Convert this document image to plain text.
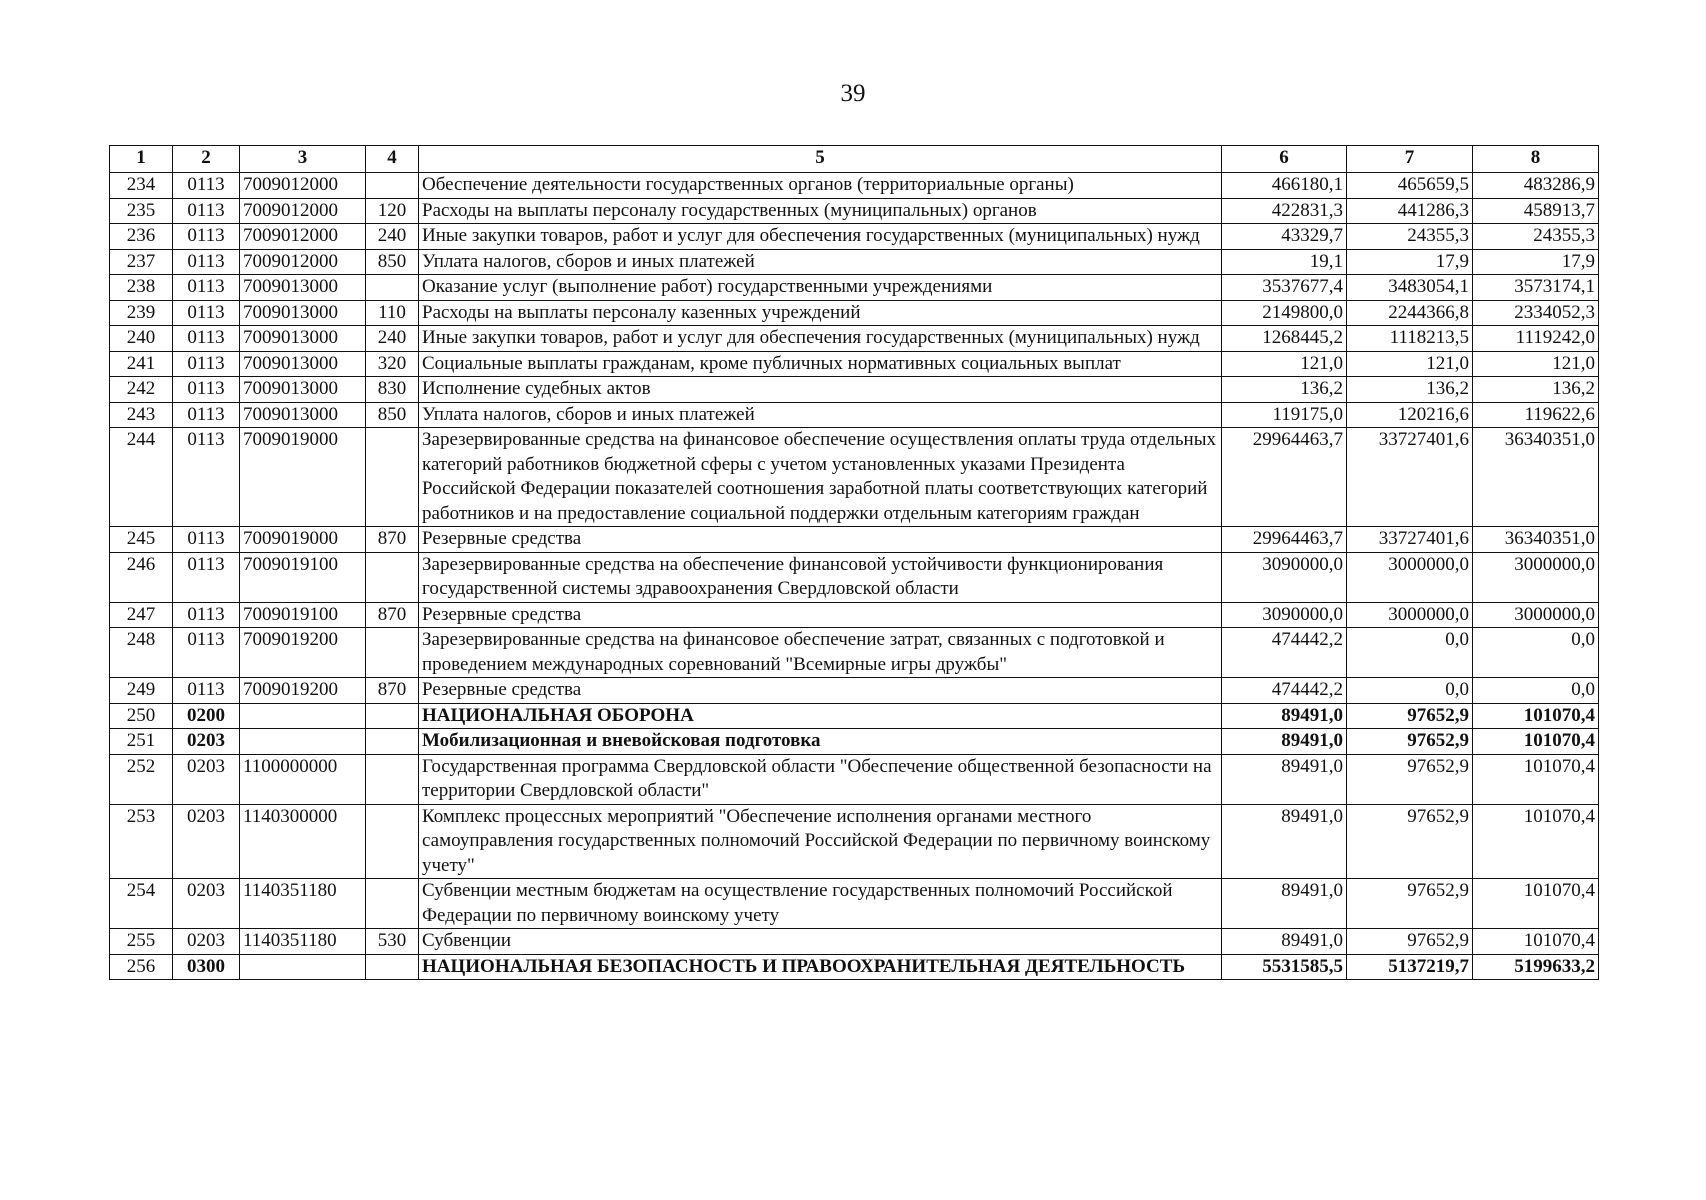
39
1	2	3	4	5	6	7	8
234	0113	7009012000		Обеспечение деятельности государственных органов (территориальные органы)	466180,1	465659,5	483286,9
235	0113	7009012000	120	Расходы на выплаты персоналу государственных (муниципальных) органов	422831,3	441286,3	458913,7
236	0113	7009012000	240	Иные закупки товаров, работ и услуг для обеспечения государственных (муниципальных) нужд	43329,7	24355,3	24355,3
237	0113	7009012000	850	Уплата налогов, сборов и иных платежей	19,1	17,9	17,9
238	0113	7009013000		Оказание услуг (выполнение работ) государственными учреждениями	3537677,4	3483054,1	3573174,1
239	0113	7009013000	110	Расходы на выплаты персоналу казенных учреждений	2149800,0	2244366,8	2334052,3
240	0113	7009013000	240	Иные закупки товаров, работ и услуг для обеспечения государственных (муниципальных) нужд	1268445,2	1118213,5	1119242,0
241	0113	7009013000	320	Социальные выплаты гражданам, кроме публичных нормативных социальных выплат	121,0	121,0	121,0
242	0113	7009013000	830	Исполнение судебных актов	136,2	136,2	136,2
243	0113	7009013000	850	Уплата налогов, сборов и иных платежей	119175,0	120216,6	119622,6
244	0113	7009019000		Зарезервированные средства на финансовое обеспечение осуществления оплаты труда отдельных категорий работников бюджетной сферы с учетом установленных указами Президента Российской Федерации показателей соотношения заработной платы соответствующих категорий работников и на предоставление социальной поддержки отдельным категориям граждан	29964463,7	33727401,6	36340351,0
245	0113	7009019000	870	Резервные средства	29964463,7	33727401,6	36340351,0
246	0113	7009019100		Зарезервированные средства на обеспечение финансовой устойчивости функционирования государственной системы здравоохранения Свердловской области	3090000,0	3000000,0	3000000,0
247	0113	7009019100	870	Резервные средства	3090000,0	3000000,0	3000000,0
248	0113	7009019200		Зарезервированные средства на финансовое обеспечение затрат, связанных с подготовкой и проведением международных соревнований "Всемирные игры дружбы"	474442,2	0,0	0,0
249	0113	7009019200	870	Резервные средства	474442,2	0,0	0,0
250	0200			НАЦИОНАЛЬНАЯ ОБОРОНА	89491,0	97652,9	101070,4
251	0203			Мобилизационная и вневойсковая подготовка	89491,0	97652,9	101070,4
252	0203	1100000000		Государственная программа Свердловской области "Обеспечение общественной безопасности на территории Свердловской области"	89491,0	97652,9	101070,4
253	0203	1140300000		Комплекс процессных мероприятий "Обеспечение исполнения органами местного самоуправления государственных полномочий Российской Федерации по первичному воинскому учету"	89491,0	97652,9	101070,4
254	0203	1140351180		Субвенции местным бюджетам на осуществление государственных полномочий Российской Федерации по первичному воинскому учету	89491,0	97652,9	101070,4
255	0203	1140351180	530	Субвенции	89491,0	97652,9	101070,4
256	0300			НАЦИОНАЛЬНАЯ БЕЗОПАСНОСТЬ И ПРАВООХРАНИТЕЛЬНАЯ ДЕЯТЕЛЬНОСТЬ	5531585,5	5137219,7	5199633,2
